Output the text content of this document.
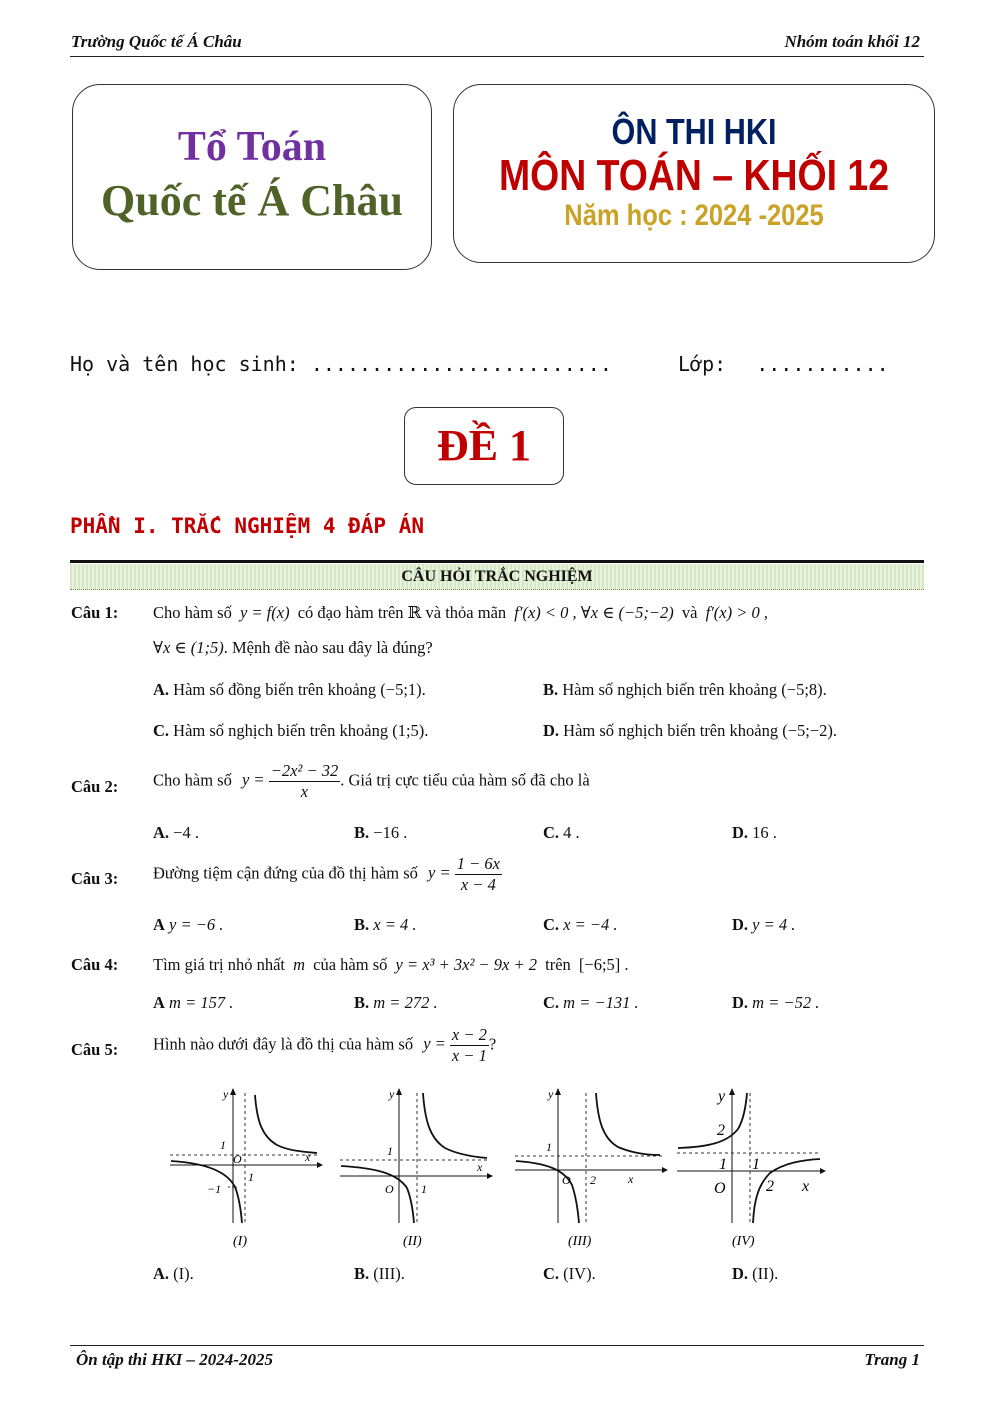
Trường Quốc tế Á Châu	Nhóm toán khối 12
Tổ Toán
Quốc tế Á Châu
ÔN THI HKI
MÔN TOÁN – KHỐI 12
Năm học : 2024 -2025
Họ và tên học sinh: .........................	Lớp: ...........
ĐỀ 1
PHẦN I. TRẮC NGHIỆM 4 ĐÁP ÁN
CÂU HỎI TRẮC NGHIỆM
Câu 1: Cho hàm số y = f(x) có đạo hàm trên ℝ và thỏa mãn f′(x) < 0 , ∀x ∈ (−5;−2) và f′(x) > 0 ,
∀x ∈ (1;5). Mệnh đề nào sau đây là đúng?
A. Hàm số đồng biến trên khoảng (−5;1).	B. Hàm số nghịch biến trên khoảng (−5;8).
C. Hàm số nghịch biến trên khoảng (1;5).	D. Hàm số nghịch biến trên khoảng (−5;−2).
Câu 2: Cho hàm số $y = \frac{\text{−2x² − 32}}{x}$ . Giá trị cực tiểu của hàm số đã cho là
A. −4 .	B. −16 .	C. 4 .	D. 16 .
Câu 3: Đường tiệm cận đứng của đồ thị hàm số $y = \frac{1 - 6x}{x - 4}$
A y = −6 .	B. x = 4 .	C. x = −4 .	D. y = 4 .
Câu 4: Tìm giá trị nhỏ nhất m của hàm số y = x³ + 3x² − 9x + 2 trên [−6;5] .
A m = 157 .	B. m = 272 .	C. m = −131 .	D. m = −52 .
Câu 5: Hình nào dưới đây là đồ thị của hàm số $y = \frac{x - 2}{x - 1}$ ?
y
x
O
1
1
−1
(I)
y
x
O
1
1
(II)
y
x
O
1
2
(III)
y
x
O
1 1
2
2
(IV)
A. (I).	B. (III).	C. (IV).	D. (II).
Ôn tập thi HKI – 2024-2025	Trang 1
